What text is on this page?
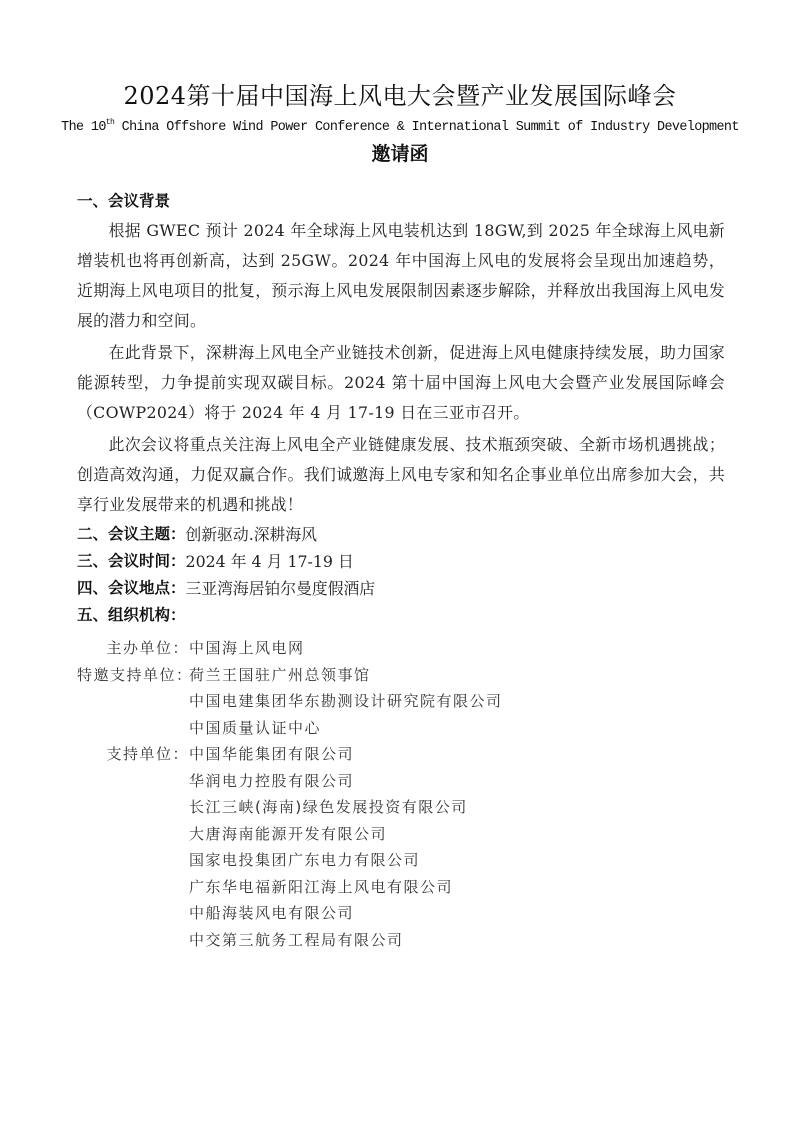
2024第十届中国海上风电大会暨产业发展国际峰会
The 10th China Offshore Wind Power Conference & International Summit of Industry Development
邀请函
一、会议背景

根据 GWEC 预计 2024 年全球海上风电装机达到 18GW,到 2025 年全球海上风电新增装机也将再创新高，达到 25GW。2024 年中国海上风电的发展将会呈现出加速趋势，近期海上风电项目的批复，预示海上风电发展限制因素逐步解除，并释放出我国海上风电发展的潜力和空间。

在此背景下，深耕海上风电全产业链技术创新，促进海上风电健康持续发展，助力国家能源转型，力争提前实现双碳目标。2024 第十届中国海上风电大会暨产业发展国际峰会（COWP2024）将于 2024 年 4 月 17-19 日在三亚市召开。

此次会议将重点关注海上风电全产业链健康发展、技术瓶颈突破、全新市场机遇挑战；创造高效沟通，力促双赢合作。我们诚邀海上风电专家和知名企事业单位出席参加大会，共享行业发展带来的机遇和挑战！

二、会议主题： 创新驱动.深耕海风
三、会议时间： 2024 年 4 月 17-19 日
四、会议地点： 三亚湾海居铂尔曼度假酒店
五、组织机构：
主办单位： 中国海上风电网
特邀支持单位：
荷兰王国驻广州总领事馆
中国电建集团华东勘测设计研究院有限公司
中国质量认证中心
支持单位： 中国华能集团有限公司
华润电力控股有限公司
长江三峡(海南)绿色发展投资有限公司
大唐海南能源开发有限公司
国家电投集团广东电力有限公司
广东华电福新阳江海上风电有限公司
中船海装风电有限公司
中交第三航务工程局有限公司
